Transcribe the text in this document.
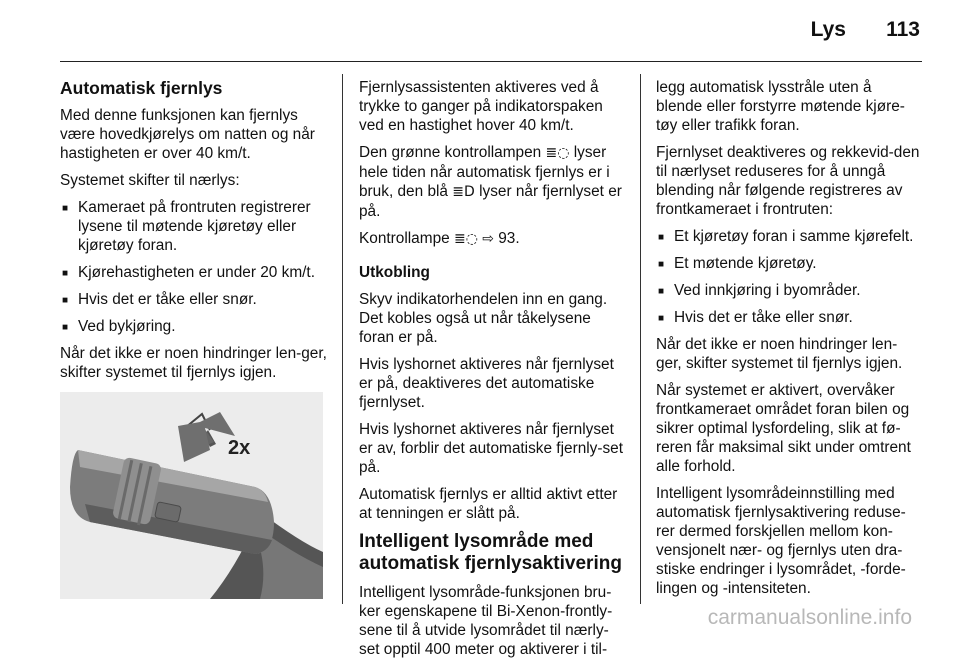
Lys 113

Automatisk fjernlys

Med denne funksjonen kan fjernlys være hovedkjørelys om natten og når hastigheten er over 40 km/t.

Systemet skifter til nærlys:

■ Kameraet på frontruten registrerer lysene til møtende kjøretøy eller kjøretøy foran.
■ Kjørehastigheten er under 20 km/t.
■ Hvis det er tåke eller snør.
■ Ved bykjøring.

Når det ikke er noen hindringer len-ger, skifter systemet til fjernlys igjen.

2x

Fjernlysassistenten aktiveres ved å trykke to ganger på indikatorspaken ved en hastighet hover 40 km/t.

Den grønne kontrollampen ≣◌ lyser hele tiden når automatisk fjernlys er i bruk, den blå ≣D lyser når fjernlyset er på.

Kontrollampe ≣◌ ⇨ 93.

Utkobling

Skyv indikatorhendelen inn en gang. Det kobles også ut når tåkelysene foran er på.

Hvis lyshornet aktiveres når fjernlyset er på, deaktiveres det automatiske fjernlyset.

Hvis lyshornet aktiveres når fjernlyset er av, forblir det automatiske fjernly-set på.

Automatisk fjernlys er alltid aktivt etter at tenningen er slått på.

Intelligent lysområde med automatisk fjernlysaktivering

Intelligent lysområde-funksjonen bru-ker egenskapene til Bi-Xenon-frontly-sene til å utvide lysområdet til nærly-set opptil 400 meter og aktiverer i til-

legg automatisk lysstråle uten å blende eller forstyrre møtende kjøre-tøy eller trafikk foran.

Fjernlyset deaktiveres og rekkevid-den til nærlyset reduseres for å unngå blending når følgende registreres av frontkameraet i frontruten:

■ Et kjøretøy foran i samme kjørefelt.
■ Et møtende kjøretøy.
■ Ved innkjøring i byområder.
■ Hvis det er tåke eller snør.

Når det ikke er noen hindringer len-ger, skifter systemet til fjernlys igjen.

Når systemet er aktivert, overvåker frontkameraet området foran bilen og sikrer optimal lysfordeling, slik at fø-reren får maksimal sikt under omtrent alle forhold.

Intelligent lysområdeinnstilling med automatisk fjernlysaktivering reduse-rer dermed forskjellen mellom kon-vensjonelt nær- og fjernlys uten dra-stiske endringer i lysområdet, -forde-lingen og -intensiteten.

carmanualsonline.info
